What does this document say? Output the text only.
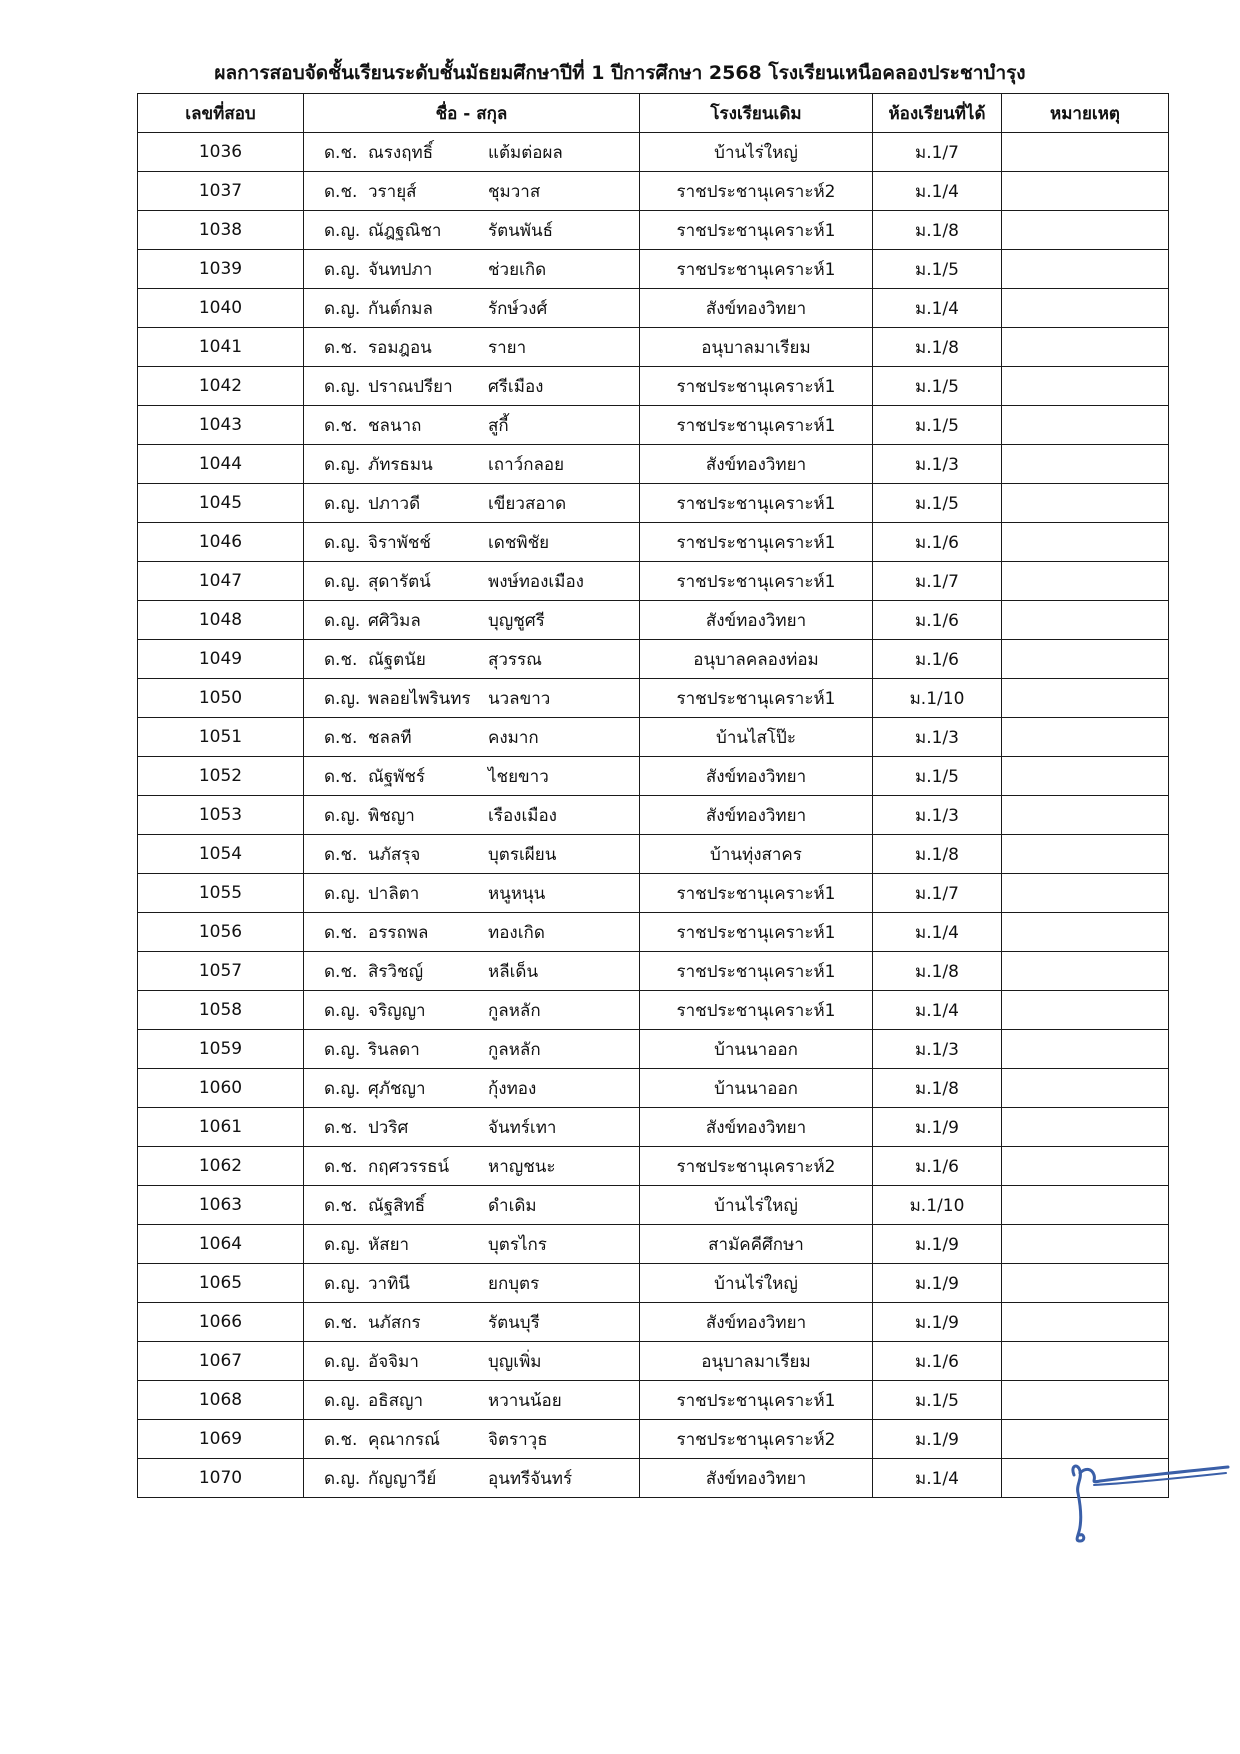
ผลการสอบจัดชั้นเรียนระดับชั้นมัธยมศึกษาปีที่ 1 ปีการศึกษา 2568 โรงเรียนเหนือคลองประชาบำรุง
เลขที่สอบ	ชื่อ - สกุล	โรงเรียนเดิม	ห้องเรียนที่ได้	หมายเหตุ
1036	ด.ช. ณรงฤทธิ์ แต้มต่อผล	บ้านไร่ใหญ่	ม.1/7	
1037	ด.ช. วรายุส์ ชุมวาส	ราชประชานุเคราะห์2	ม.1/4	
1038	ด.ญ. ณัฎฐณิชา รัตนพันธ์	ราชประชานุเคราะห์1	ม.1/8	
1039	ด.ญ. จันทปภา ช่วยเกิด	ราชประชานุเคราะห์1	ม.1/5	
1040	ด.ญ. กันต์กมล รักษ์วงศ์	สังข์ทองวิทยา	ม.1/4	
1041	ด.ช. รอมฎอน รายา	อนุบาลมาเรียม	ม.1/8	
1042	ด.ญ. ปราณปรียา ศรีเมือง	ราชประชานุเคราะห์1	ม.1/5	
1043	ด.ช. ชลนาถ สูกี้	ราชประชานุเคราะห์1	ม.1/5	
1044	ด.ญ. ภัทรธมน เถาว์กลอย	สังข์ทองวิทยา	ม.1/3	
1045	ด.ญ. ปภาวดี เขียวสอาด	ราชประชานุเคราะห์1	ม.1/5	
1046	ด.ญ. จิราพัชช์ เดชพิชัย	ราชประชานุเคราะห์1	ม.1/6	
1047	ด.ญ. สุดารัตน์ พงษ์ทองเมือง	ราชประชานุเคราะห์1	ม.1/7	
1048	ด.ญ. ศศิวิมล บุญชูศรี	สังข์ทองวิทยา	ม.1/6	
1049	ด.ช. ณัฐตนัย สุวรรณ	อนุบาลคลองท่อม	ม.1/6	
1050	ด.ญ. พลอยไพรินทร นวลขาว	ราชประชานุเคราะห์1	ม.1/10	
1051	ด.ช. ชลลที คงมาก	บ้านไสโป๊ะ	ม.1/3	
1052	ด.ช. ณัฐพัชร์ ไชยขาว	สังข์ทองวิทยา	ม.1/5	
1053	ด.ญ. พิชญา เรืองเมือง	สังข์ทองวิทยา	ม.1/3	
1054	ด.ช. นภัสรุจ บุตรเผียน	บ้านทุ่งสาคร	ม.1/8	
1055	ด.ญ. ปาลิตา หนูหนุน	ราชประชานุเคราะห์1	ม.1/7	
1056	ด.ช. อรรถพล ทองเกิด	ราชประชานุเคราะห์1	ม.1/4	
1057	ด.ช. สิรวิชญ์ หลีเด็น	ราชประชานุเคราะห์1	ม.1/8	
1058	ด.ญ. จริญญา กูลหลัก	ราชประชานุเคราะห์1	ม.1/4	
1059	ด.ญ. รินลดา กูลหลัก	บ้านนาออก	ม.1/3	
1060	ด.ญ. ศุภัชญา กุ้งทอง	บ้านนาออก	ม.1/8	
1061	ด.ช. ปวริศ จันทร์เทา	สังข์ทองวิทยา	ม.1/9	
1062	ด.ช. กฤศวรรธน์ หาญชนะ	ราชประชานุเคราะห์2	ม.1/6	
1063	ด.ช. ณัฐสิทธิ์ ดำเดิม	บ้านไร่ใหญ่	ม.1/10	
1064	ด.ญ. หัสยา บุตรไกร	สามัคคีศึกษา	ม.1/9	
1065	ด.ญ. วาทินี ยกบุตร	บ้านไร่ใหญ่	ม.1/9	
1066	ด.ช. นภัสกร รัตนบุรี	สังข์ทองวิทยา	ม.1/9	
1067	ด.ญ. อัจจิมา บุญเพิ่ม	อนุบาลมาเรียม	ม.1/6	
1068	ด.ญ. อธิสญา หวานน้อย	ราชประชานุเคราะห์1	ม.1/5	
1069	ด.ช. คุณากรณ์ จิตราวุธ	ราชประชานุเคราะห์2	ม.1/9	
1070	ด.ญ. กัญญาวีย์ อุนทรีจันทร์	สังข์ทองวิทยา	ม.1/4	
